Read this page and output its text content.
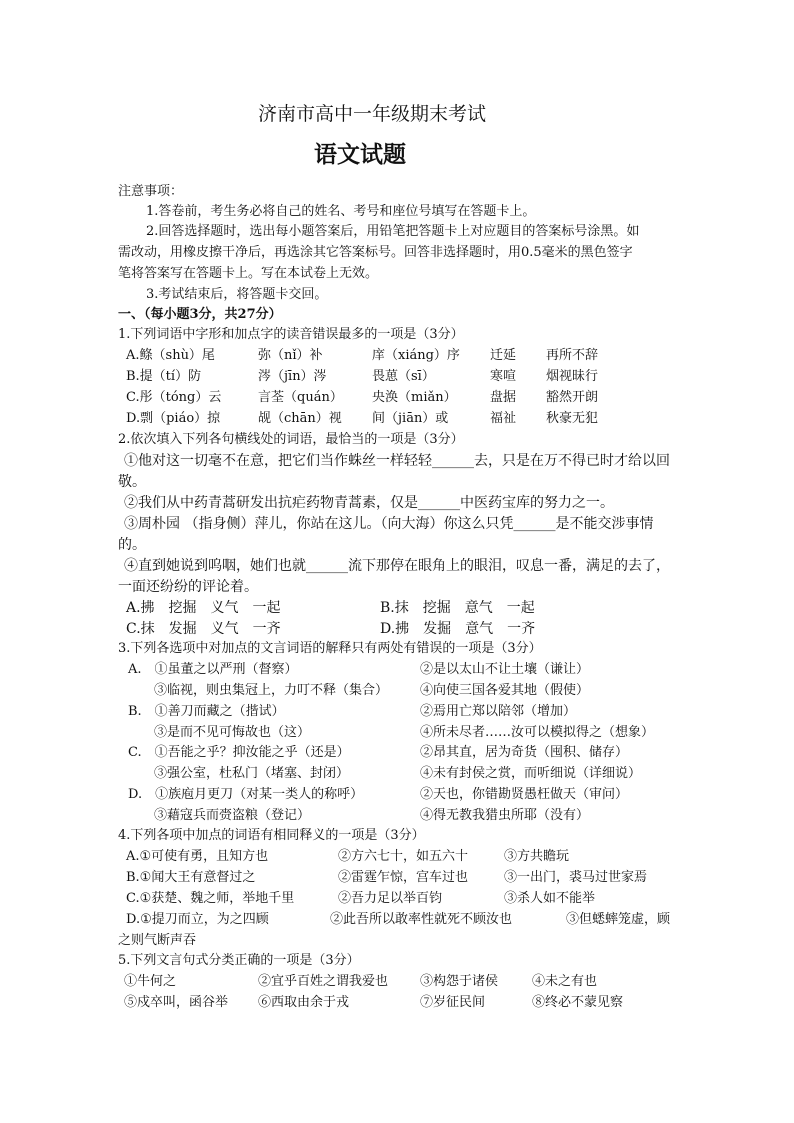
济南市高中一年级期末考试
语文试题
注意事项：
1.答卷前，考生务必将自己的姓名、考号和座位号填写在答题卡上。
2.回答选择题时，选出每小题答案后，用铅笔把答题卡上对应题目的答案标号涂黑。如
需改动，用橡皮擦干净后，再选涂其它答案标号。回答非选择题时，用0.5毫米的黑色签字
笔将答案写在答题卡上。写在本试卷上无效。
3.考试结束后，将答题卡交回。
一、（每小题3分，共27分）
1.下列词语中字形和加点字的读音错误最多的一项是（3分）
A.鲦（shù）尾	弥（nǐ）补	庠（xiáng）序 迁延 再所不辞
B.提（tí）防	涔（jīn）涔	畏葸（sī）	寒喧 烟视昧行
C.彤（tóng）云	言荃（quán） 央涣（miǎn）	盘据 豁然开朗
D.剽（piáo）掠	觇（chān）视 间（jiān）或	福祉 秋豪无犯
2.依次填入下列各句横线处的词语，最恰当的一项是（3分）
①他对这一切毫不在意，把它们当作蛛丝一样轻轻______去，只是在万不得已时才给以回
敬。
②我们从中药青蒿研发出抗疟药物青蒿素，仅是______中医药宝库的努力之一。
③周朴园 （指身侧）萍儿，你站在这儿。（向大海）你这么只凭______是不能交涉事情
的。
④直到她说到呜咽，她们也就______流下那停在眼角上的眼泪，叹息一番，满足的去了，
一面还纷纷的评论着。
A.拂　挖掘　义气　一起	B.抹　挖掘　意气　一起
C.抹　发掘　义气　一齐	D.拂　发掘　意气　一齐
3.下列各选项中对加点的文言词语的解释只有两处有错误的一项是（3分）
A.　①虽董之以严刑（督察）	②是以太山不让土壤（谦让）
③临视，则虫集冠上，力叮不释（集合） ④向使三国各爱其地（假使）
B.　①善刀而藏之（揩试）	②焉用亡郑以陪邻（增加）
③是而不见可悔故也（这）	④所未尽者……汝可以模拟得之（想象）
C.　①吾能之乎？抑汝能之乎（还是）	②昂其直，居为奇货（囤积、储存）
③强公室，杜私门（堵塞、封闭）	④未有封侯之赏，而听细说（详细说）
D.　①族庖月更刀（对某一类人的称呼）	②天也，你错勘贤愚枉做天（审问）
③藉寇兵而赍盗粮（登记）	④得无教我猎虫所耶（没有）
4.下列各项中加点的词语有相同释义的一项是（3分）
A.①可使有勇，且知方也	②方六七十，如五六十	③方共瞻玩
B.①闻大王有意督过之	②雷霆乍惊，宫车过也	③一出门，裘马过世家焉
C.①获楚、魏之师，举地千里	②吾力足以举百钧	③杀人如不能举
D.①提刀而立，为之四顾	②此吾所以敢率性就死不顾汝也	③但蟋蟀笼虚，顾
之则气断声吞
5.下列文言句式分类正确的一项是（3分）
①牛何之	②宜乎百姓之谓我爱也 ③构怨于诸侯	④未之有也
⑤戍卒叫，函谷举 ⑥西取由余于戎	⑦岁征民间	⑧终必不蒙见察
